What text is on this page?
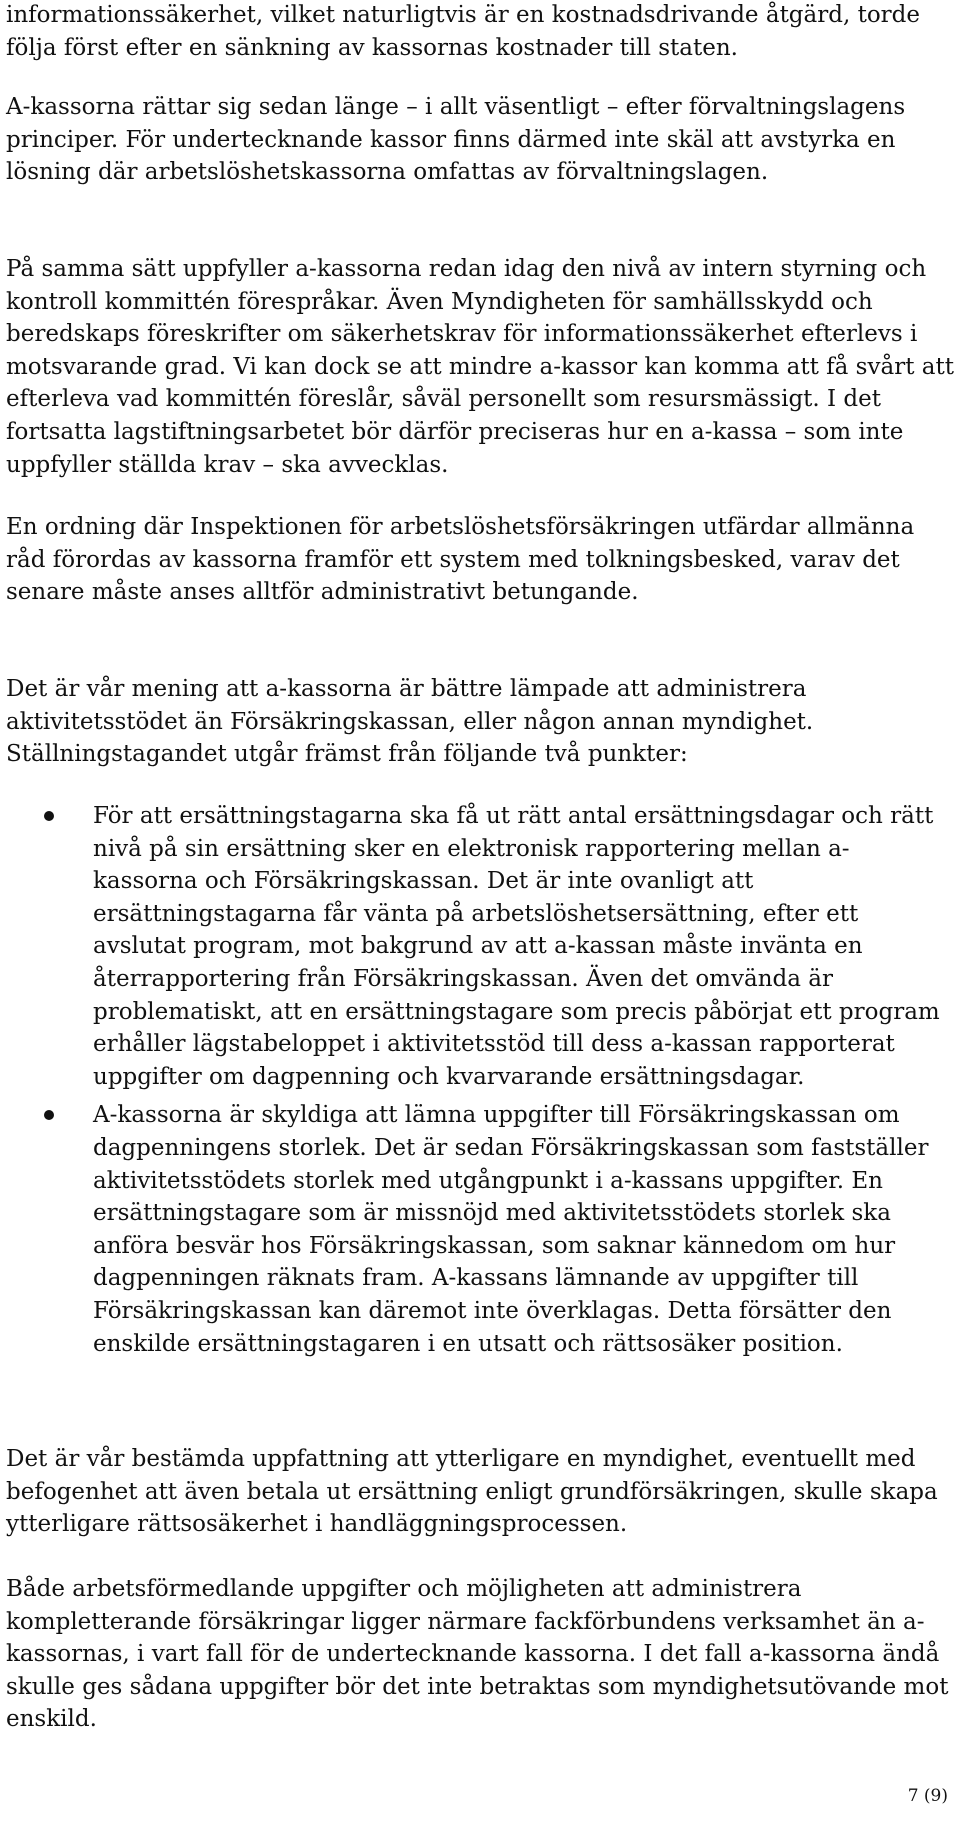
informationssäkerhet, vilket naturligtvis är en kostnadsdrivande åtgärd, torde följa först efter en sänkning av kassornas kostnader till staten.

A-kassorna rättar sig sedan länge – i allt väsentligt – efter förvaltningslagens principer. För undertecknande kassor finns därmed inte skäl att avstyrka en lösning där arbetslöshetskassorna omfattas av förvaltningslagen.

På samma sätt uppfyller a-kassorna redan idag den nivå av intern styrning och kontroll kommittén förespråkar. Även Myndigheten för samhällsskydd och beredskaps föreskrifter om säkerhetskrav för informationssäkerhet efterlevs i motsvarande grad. Vi kan dock se att mindre a-kassor kan komma att få svårt att efterleva vad kommittén föreslår, såväl personellt som resursmässigt. I det fortsatta lagstiftningsarbetet bör därför preciseras hur en a-kassa – som inte uppfyller ställda krav – ska avvecklas.

En ordning där Inspektionen för arbetslöshetsförsäkringen utfärdar allmänna råd förordas av kassorna framför ett system med tolkningsbesked, varav det senare måste anses alltför administrativt betungande.

Det är vår mening att a-kassorna är bättre lämpade att administrera aktivitetsstödet än Försäkringskassan, eller någon annan myndighet. Ställningstagandet utgår främst från följande två punkter:

För att ersättningstagarna ska få ut rätt antal ersättningsdagar och rätt nivå på sin ersättning sker en elektronisk rapportering mellan a-kassorna och Försäkringskassan. Det är inte ovanligt att ersättningstagarna får vänta på arbetslöshetsersättning, efter ett avslutat program, mot bakgrund av att a-kassan måste invänta en återrapportering från Försäkringskassan. Även det omvända är problematiskt, att en ersättningstagare som precis påbörjat ett program erhåller lägstabeloppet i aktivitetsstöd till dess a-kassan rapporterat uppgifter om dagpenning och kvarvarande ersättningsdagar.
A-kassorna är skyldiga att lämna uppgifter till Försäkringskassan om dagpenningens storlek. Det är sedan Försäkringskassan som fastställer aktivitetsstödets storlek med utgångpunkt i a-kassans uppgifter. En ersättningstagare som är missnöjd med aktivitetsstödets storlek ska anföra besvär hos Försäkringskassan, som saknar kännedom om hur dagpenningen räknats fram. A-kassans lämnande av uppgifter till Försäkringskassan kan däremot inte överklagas. Detta försätter den enskilde ersättningstagaren i en utsatt och rättsosäker position.

Det är vår bestämda uppfattning att ytterligare en myndighet, eventuellt med befogenhet att även betala ut ersättning enligt grundförsäkringen, skulle skapa ytterligare rättsosäkerhet i handläggningsprocessen.

Både arbetsförmedlande uppgifter och möjligheten att administrera kompletterande försäkringar ligger närmare fackförbundens verksamhet än a-kassornas, i vart fall för de undertecknande kassorna. I det fall a-kassorna ändå skulle ges sådana uppgifter bör det inte betraktas som myndighetsutövande mot enskild.

7 (9)
